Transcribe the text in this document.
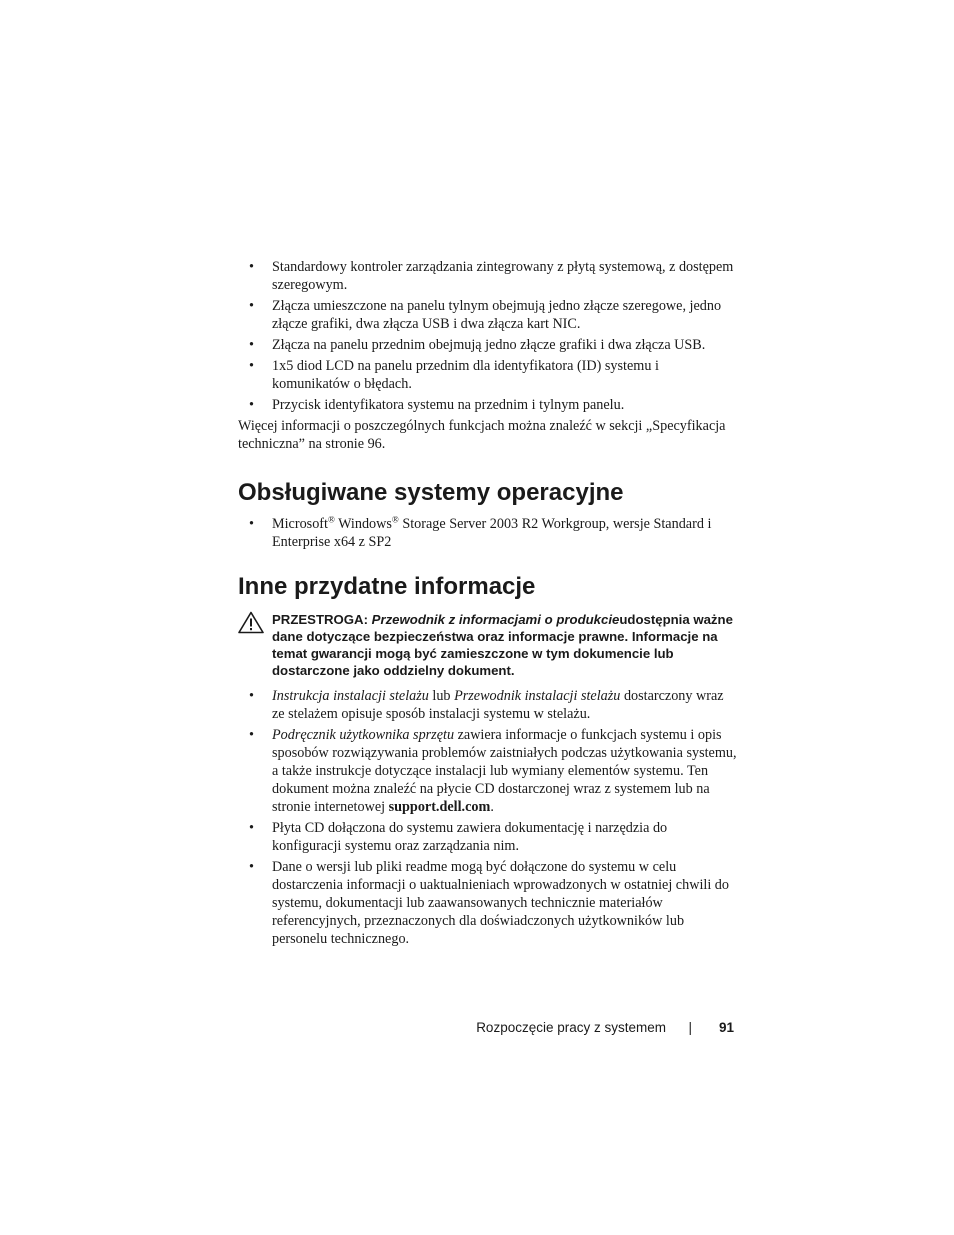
• Standardowy kontroler zarządzania zintegrowany z płytą systemową, z dostępem szeregowym.
• Złącza umieszczone na panelu tylnym obejmują jedno złącze szeregowe, jedno złącze grafiki, dwa złącza USB i dwa złącza kart NIC.
• Złącza na panelu przednim obejmują jedno złącze grafiki i dwa złącza USB.
• 1x5 diod LCD na panelu przednim dla identyfikatora (ID) systemu i komunikatów o błędach.
• Przycisk identyfikatora systemu na przednim i tylnym panelu.

Więcej informacji o poszczególnych funkcjach można znaleźć w sekcji „Specyfikacja techniczna” na stronie 96.

Obsługiwane systemy operacyjne
• Microsoft® Windows® Storage Server 2003 R2 Workgroup, wersje Standard i Enterprise x64 z SP2
Inne przydatne informacje
PRZESTROGA: Przewodnik z informacjami o produkcieudostępnia ważne dane dotyczące bezpieczeństwa oraz informacje prawne. Informacje na temat gwarancji mogą być zamieszczone w tym dokumencie lub dostarczone jako oddzielny dokument.
• Instrukcja instalacji stelażu lub Przewodnik instalacji stelażu dostarczony wraz ze stelażem opisuje sposób instalacji systemu w stelażu.
• Podręcznik użytkownika sprzętu zawiera informacje o funkcjach systemu i opis sposobów rozwiązywania problemów zaistniałych podczas użytkowania systemu, a także instrukcje dotyczące instalacji lub wymiany elementów systemu. Ten dokument można znaleźć na płycie CD dostarczonej wraz z systemem lub na stronie internetowej support.dell.com.
• Płyta CD dołączona do systemu zawiera dokumentację i narzędzia do konfiguracji systemu oraz zarządzania nim.
• Dane o wersji lub pliki readme mogą być dołączone do systemu w celu dostarczenia informacji o uaktualnieniach wprowadzonych w ostatniej chwili do systemu, dokumentacji lub zaawansowanych technicznie materiałów referencyjnych, przeznaczonych dla doświadczonych użytkowników lub personelu technicznego.
Rozpoczęcie pracy z systemem | 91
